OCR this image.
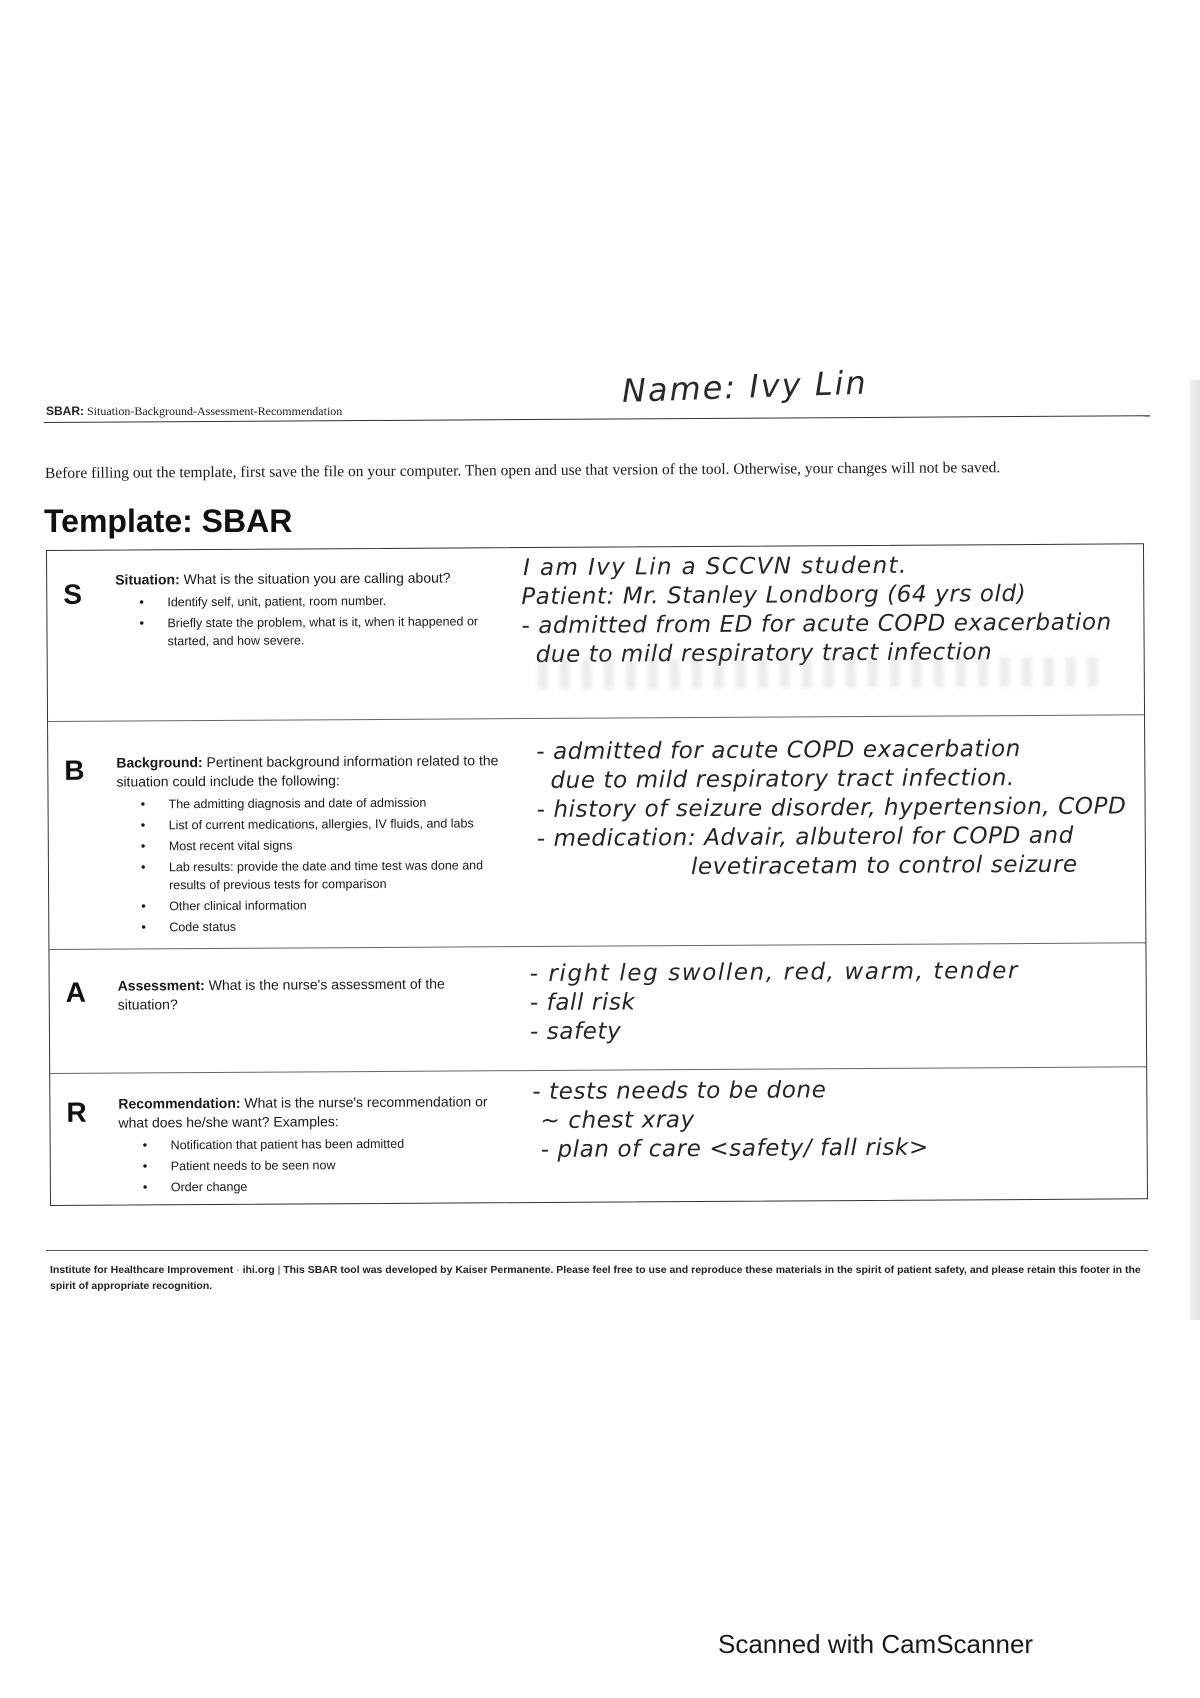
SBAR: Situation-Background-Assessment-Recommendation
Name: Ivy Lin
Before filling out the template, first save the file on your computer. Then open and use that version of the tool. Otherwise, your changes will not be saved.
Template: SBAR
S Situation: What is the situation you are calling about?
• Identify self, unit, patient, room number.
• Briefly state the problem, what is it, when it happened or started, and how severe.
I am Ivy Lin a SCCVN student.
Patient: Mr. Stanley Londborg (64 yrs old)
- admitted from ED for acute COPD exacerbation
due to mild respiratory tract infection
B Background: Pertinent background information related to the situation could include the following:
• The admitting diagnosis and date of admission
• List of current medications, allergies, IV fluids, and labs
• Most recent vital signs
• Lab results: provide the date and time test was done and results of previous tests for comparison
• Other clinical information
• Code status
- admitted for acute COPD exacerbation
due to mild respiratory tract infection.
- history of seizure disorder, hypertension, COPD
- medication: Advair, albuterol for COPD and
levetiracetam to control seizure
A Assessment: What is the nurse's assessment of the situation?
- right leg swollen, red, warm, tender
- fall risk
- safety
R Recommendation: What is the nurse's recommendation or what does he/she want? Examples:
• Notification that patient has been admitted
• Patient needs to be seen now
• Order change
- tests needs to be done
~ chest xray
- plan of care <safety/ fall risk>
Institute for Healthcare Improvement · ihi.org | This SBAR tool was developed by Kaiser Permanente. Please feel free to use and reproduce these materials in the spirit of patient safety, and please retain this footer in the spirit of appropriate recognition.
Scanned with CamScanner
